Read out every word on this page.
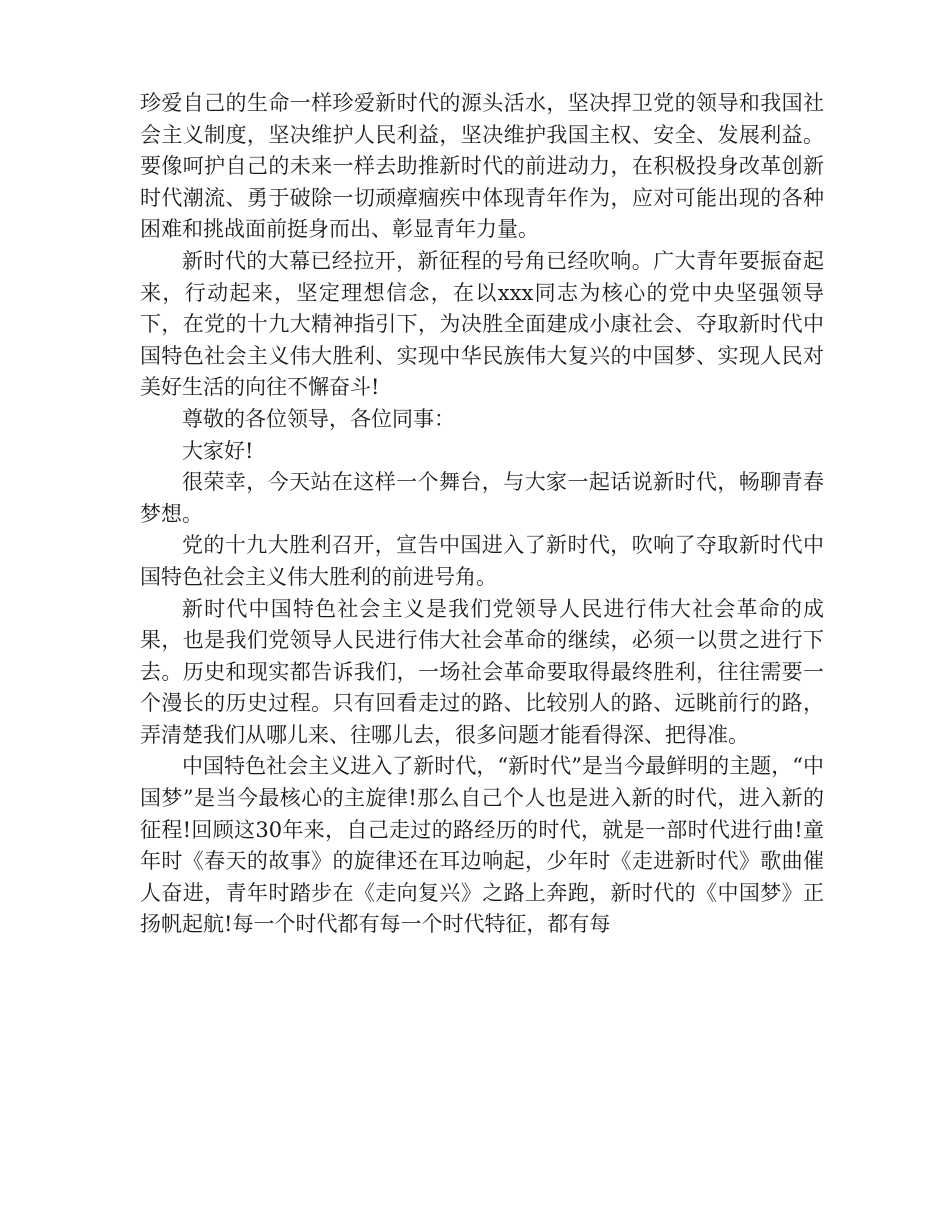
珍爱自己的生命一样珍爱新时代的源头活水，坚决捍卫党的领导和我国社会主义制度，坚决维护人民利益，坚决维护我国主权、安全、发展利益。要像呵护自己的未来一样去助推新时代的前进动力，在积极投身改革创新时代潮流、勇于破除一切顽瘴痼疾中体现青年作为，应对可能出现的各种困难和挑战面前挺身而出、彰显青年力量。

新时代的大幕已经拉开，新征程的号角已经吹响。广大青年要振奋起来，行动起来，坚定理想信念，在以xxx同志为核心的党中央坚强领导下，在党的十九大精神指引下，为决胜全面建成小康社会、夺取新时代中国特色社会主义伟大胜利、实现中华民族伟大复兴的中国梦、实现人民对美好生活的向往不懈奋斗!

尊敬的各位领导，各位同事：

大家好!

很荣幸，今天站在这样一个舞台，与大家一起话说新时代，畅聊青春梦想。

党的十九大胜利召开，宣告中国进入了新时代，吹响了夺取新时代中国特色社会主义伟大胜利的前进号角。

新时代中国特色社会主义是我们党领导人民进行伟大社会革命的成果，也是我们党领导人民进行伟大社会革命的继续，必须一以贯之进行下去。历史和现实都告诉我们，一场社会革命要取得最终胜利，往往需要一个漫长的历史过程。只有回看走过的路、比较别人的路、远眺前行的路，弄清楚我们从哪儿来、往哪儿去，很多问题才能看得深、把得准。

中国特色社会主义进入了新时代，“新时代”是当今最鲜明的主题，“中国梦”是当今最核心的主旋律!那么自己个人也是进入新的时代，进入新的征程!回顾这30年来，自己走过的路经历的时代，就是一部时代进行曲!童年时《春天的故事》的旋律还在耳边响起，少年时《走进新时代》歌曲催人奋进，青年时踏步在《走向复兴》之路上奔跑，新时代的《中国梦》正扬帆起航!每一个时代都有每一个时代特征，都有每
